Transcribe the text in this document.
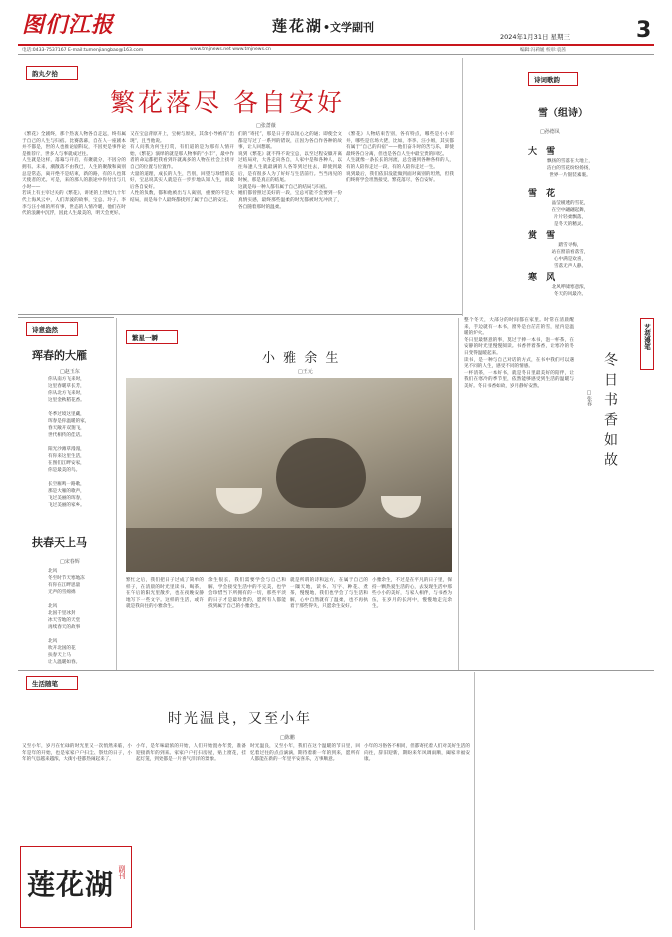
图们江报	莲花湖•文学副刊
2024年1月31日 星期三	3
电话:0433-7537167 E-mail:tumenjiangbao@163.com	www.tmjnews.net www.tmjnews.cn	编辑:冯莉媛 校审:袁茜
韵丸夕拾
繁花落尽 各自安好
□张蔷薇
《繁花》全剧终，那个热衷人物各自走远，终有属于自己的人生与归宿。比赛落幕，自在人一座剧本并不都是，世的人也推论剧科玩，不因更是事件论是推荐斤，世多人与事就成过往。
人生就是这样，落幕与开启，有聚就分，不因分的拥有。未来，潮散落不由我已，人生的聚散和离别总是常态，离开绝不是结束，新的路，有的人也算天使者的光。可是，来的那人的旅途中你付出与几小时——
若该上有主宰过关的《繁花》，讲述的上世纪九十年代上海风云中，人们奔波的故事，宝总、玲子、李李与汪小姐的所有事，世态的人情冷暖，他们在时代的浪潮中沉浮，因此人生最美的，明天会更好。
又在宝总背原开上，宝树与原先，其余小导被有“出现”，且当他说。
有人问我为何生打赏，有们道的是为那有人情开始，《繁花》演绎的就是那人物事的“小丰”，最中作者的命运都把我看到许就离多的人物在社会上找寻自己的位置与位置作。
大量的道理，成长的人生，告别，回望与珍惜的美好，宝总说其实人就是在一步步地认知人生，而最后各自安好。
人性的负数，都和他被出与人离别，重要的不是大结局，而是每个人最终都找到了属于自己的安定。
们的“寄托”，那是日子曾以短心之的通；即使全文都是写过了一系列的错误，正因为各自作各种的故事，让人回想联。
说到《繁花》就不得不说宝总，以至过程安徽开离过结局对，大各走向各自，人家中是和各种人，以往每逢人生就最满的人各等到过往去，即使到最后，是有很多人为了好好与生活前行。当当再见的时候，那是真正的结尾。
这就是每一种人都有属于自己的结局与归宿。
她们都曾照过美好的一段，宝总可能不会要到一份真情实感，最终那些温柔的时光都被时光冲淡了，各自随着那时的温柔。
《繁花》人物结束告别，各有特点，哪些是小小市井，哪些是官场大佬，比如，李李、汪小姐，其实都有属于“自己的归宿”——他们奋斗时的苦与乐，即使最终各自分离，但也是各自人生中最宝贵的回忆。
人生就像一条长长的河流，总会遇到各种各样的人，有的人陪你走过一段，有的人陪你走过一生。
说到最后，我们依旧没能做到面对离别的坦然，但我们终将学会坦然接受。繁花落尽，各自安好。
诗词歌韵
雪（组诗）
□孙德凤
大 雪
飘扬的雪落在大地上，
洁白的雪花纷纷扬扬，
世界一片银装素裹。
雪 花
晶莹剔透的雪花，
在空中翩翩起舞，
片片轻柔飘落，
是冬天的精灵。
赏 雪
踏雪寻梅，
站在窗前看落雪，
心中满是欢喜，
雪落无声人静。
寒 风
北风呼啸寒意浓，
冬天的风最冷。
诗意盎然
珲春的大雁
□赵玉东
你从南方飞来时，
这里春暖草长芳，
你从北方飞来时，
这里金秋稻花香。

冬季过境这里藏，
珲春是你温暖的家，
春天敞开双翅飞，
世代相传的佳话。

阳光沙滩草漫漫，
有你来这里生活，
在图们江畔安家，
你是最美的鸟。

长空雁鸣一路歌，
那是大雁的歌声，
飞过美丽的珲春，
飞过美丽的家乡。
扶春天上马
□宋春辉
北风
冬至时节天寒地冻
有你在江畔思量
无声的雪绵绵

北风
北国千里冰封
冰天雪地的天堂
再续春天的故事

北风
吹开北国的花
扶春天上马
让人温暖如春。
繁星一瞬
小 雅 余 生
□王元
繁忙之后，我们把日子过成了简单的样子，在清晨的时光里读书、喝茶，在午后的阳光里散步，也在夜晚安静地写下一些文字。这样的生活，或许就是我向往的小雅余生。
余生很长，我们需要学会与自己和解，学会接受生活中的不完美，也学会珍惜当下所拥有的一切，那些平淡的日子才是最珍贵的，愿所有人都能找到属于自己的小雅余生。
就是所谓的诗和远方，在属于自己的一隅天地，读书、写字、种花、煮茶，慢慢地，我们也学会了与生活和解，心中自然就有了温柔，也不再执着于那些得失，只愿余生安好。
小雅余生，不过是在平凡的日子里，保持一颗热爱生活的心，去发现生活中那些小小的美好，与家人相伴，与书香为伍，在岁月的长河中，慢慢地走完余生。
艺苑漫笔
冬日书香如故
□张春
整个冬天，大部分的时间都在家里。时常在清晨醒来，手边就有一本书，窗外是白茫茫的雪，屋内是温暖的炉火。
冬日里最惬意的事，莫过于捧一本书，泡一杯茶，在安静的时光里慢慢阅读。书香伴着茶香，让寒冷的冬日变得温暖起来。
读书，是一种与自己对话的方式，在书中我们可以遇见不同的人生，感受不同的情感。
一杯清茶，一本好书，就是冬日里最美好的陪伴，让我们在寒冷的季节里，依然能够感受到生活的温暖与美好。冬日书香如故，岁月静好安然。
生活随笔
时光温良，又至小年
□陈鹏
又至小年，岁月在忙碌的时光里又一次悄然来临，小年是年的开始，也是家家户户扫尘、祭灶的日子，小年的气息越来越浓，大街小巷都热闹起来了。
小年，是年味最浓的开始，人们开始置办年货，准备迎接新年的到来。家家户户打扫房屋，贴上窗花，挂起灯笼，到处都是一片喜气洋洋的景象。
时光温良，又至小年，我们在这个温暖的节日里，回忆着过往的点点滴滴，期待着新一年的到来，愿所有人都能在新的一年里平安喜乐，万事顺意。
小年的习俗各不相同，但都寄托着人们对美好生活的向往，辞旧迎新，期盼来年风调雨顺，阖家幸福安康。
莲花湖 副刊
